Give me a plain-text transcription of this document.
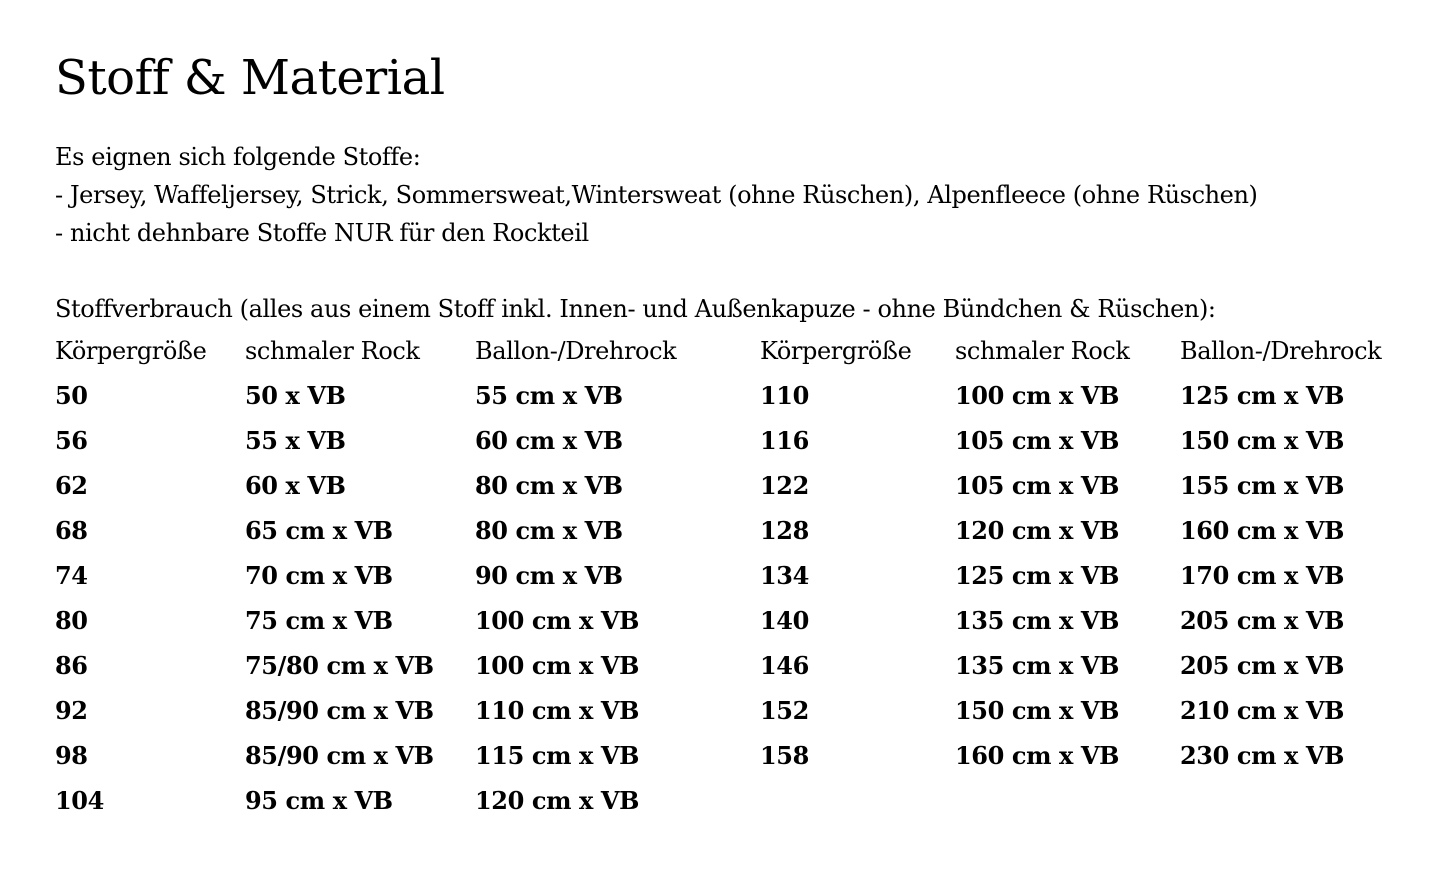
Stoff & Material
Es eignen sich folgende Stoffe:
- Jersey, Waffeljersey, Strick, Sommersweat,Wintersweat (ohne Rüschen), Alpenfleece (ohne Rüschen)
- nicht dehnbare Stoffe NUR für den Rockteil
Stoffverbrauch (alles aus einem Stoff inkl. Innen- und Außenkapuze - ohne Bündchen & Rüschen):
Körpergröße	schmaler Rock	Ballon-/Drehrock
50	50 x VB	55 cm x VB
56	55 x VB	60 cm x VB
62	60 x VB	80 cm x VB
68	65 cm x VB	80 cm x VB
74	70 cm x VB	90 cm x VB
80	75 cm x VB	100 cm x VB
86	75/80 cm x VB	100 cm x VB
92	85/90 cm x VB	110 cm x VB
98	85/90 cm x VB	115 cm x VB
104	95 cm x VB	120 cm x VB
Körpergröße	schmaler Rock	Ballon-/Drehrock
110	100 cm x VB	125 cm x VB
116	105 cm x VB	150 cm x VB
122	105 cm x VB	155 cm x VB
128	120 cm x VB	160 cm x VB
134	125 cm x VB	170 cm x VB
140	135 cm x VB	205 cm x VB
146	135 cm x VB	205 cm x VB
152	150 cm x VB	210 cm x VB
158	160 cm x VB	230 cm x VB
